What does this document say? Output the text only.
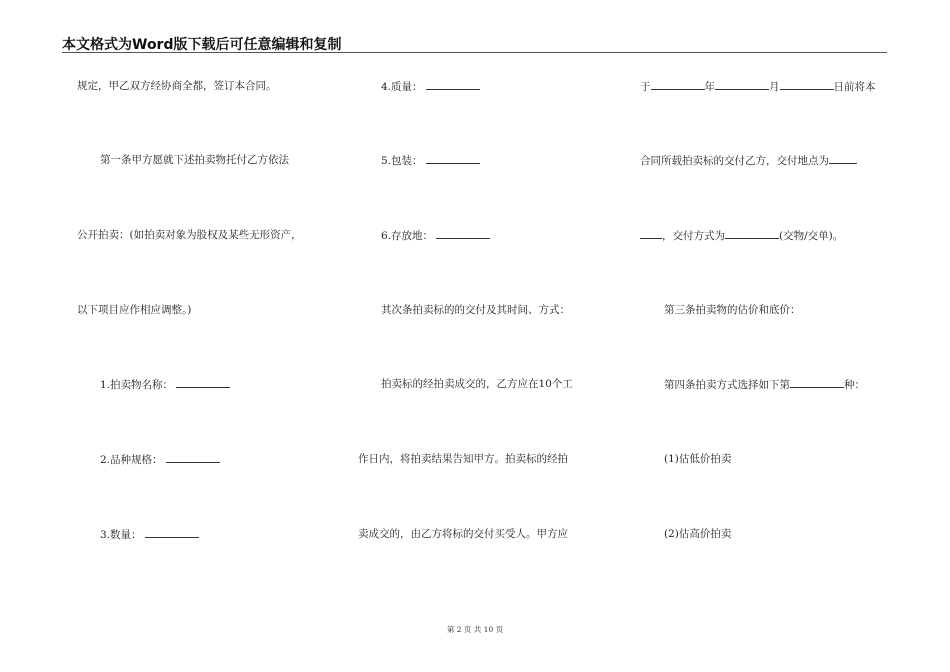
本文格式为Word版下载后可任意编辑和复制
规定，甲乙双方经协商全都，签订本合同。
第一条甲方愿就下述拍卖物托付乙方依法
公开拍卖：(如拍卖对象为股权及某些无形资产，
以下项目应作相应调整。)
1.拍卖物名称：
2.品种规格：
3.数量：
4.质量：
5.包装：
6.存放地：
其次条拍卖标的的交付及其时间、方式：
拍卖标的经拍卖成交的，乙方应在10个工
作日内，将拍卖结果告知甲方。拍卖标的经拍
卖成交的，由乙方将标的交付买受人。甲方应
于	年	月	日前将本
合同所载拍卖标的交付乙方，交付地点为
，交付方式为	(交物/交单)。
第三条拍卖物的估价和底价：
第四条拍卖方式选择如下第	种：
(1)估低价拍卖
(2)估高价拍卖
第 2 页 共 10 页
